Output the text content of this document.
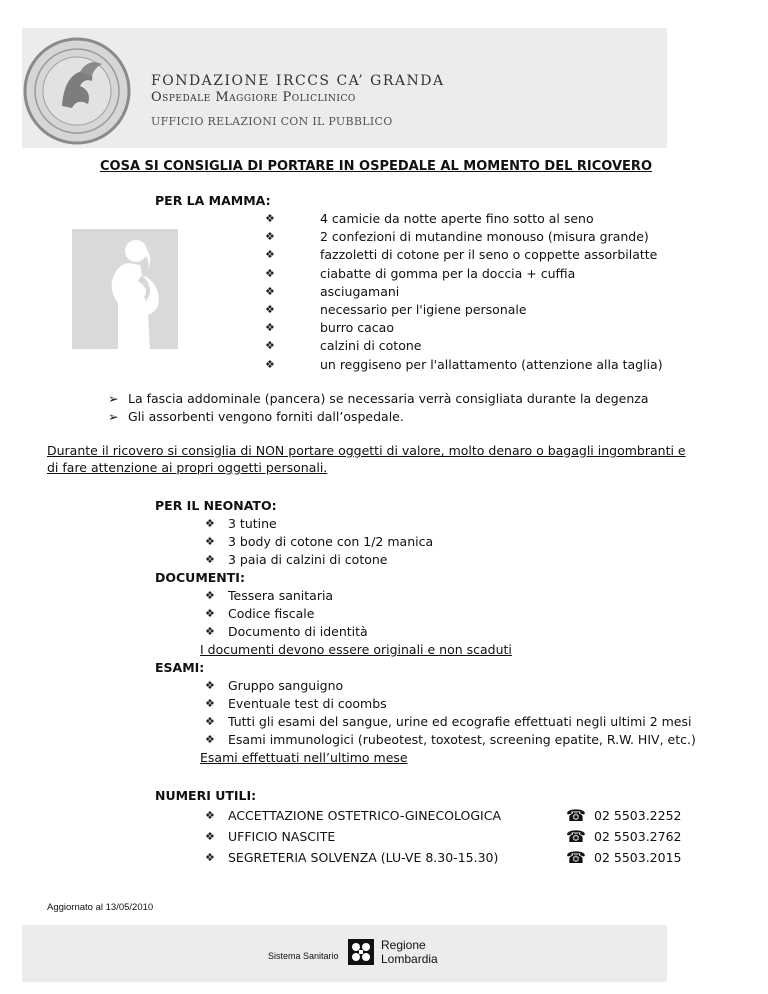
FONDAZIONE IRCCS CA’ GRANDA
Ospedale Maggiore Policlinico
UFFICIO RELAZIONI CON IL PUBBLICO
COSA SI CONSIGLIA DI PORTARE IN OSPEDALE AL MOMENTO DEL RICOVERO
PER LA MAMMA:
❖	4 camicie da notte aperte fino sotto al seno
❖	2 confezioni di mutandine monouso (misura grande)
❖	fazzoletti di cotone per il seno o coppette assorbilatte
❖	ciabatte di gomma per la doccia + cuffia
❖	asciugamani
❖	necessario per l'igiene personale
❖	burro cacao
❖	calzini di cotone
❖	un reggiseno per l'allattamento (attenzione alla taglia)
➢ La fascia addominale (pancera) se necessaria verrà consigliata durante la degenza
➢ Gli assorbenti vengono forniti dall’ospedale.
Durante il ricovero si consiglia di NON portare oggetti di valore, molto denaro o bagagli ingombranti e
di fare attenzione ai propri oggetti personali.
PER IL NEONATO:
❖ 3 tutine
❖ 3 body di cotone con 1/2 manica
❖ 3 paia di calzini di cotone
DOCUMENTI:
❖ Tessera sanitaria
❖ Codice fiscale
❖ Documento di identità
I documenti devono essere originali e non scaduti
ESAMI:
❖ Gruppo sanguigno
❖ Eventuale test di coombs
❖ Tutti gli esami del sangue, urine ed ecografie effettuati negli ultimi 2 mesi
❖ Esami immunologici (rubeotest, toxotest, screening epatite, R.W. HIV, etc.)
Esami effettuati nell’ultimo mese
NUMERI UTILI:
❖ ACCETTAZIONE OSTETRICO-GINECOLOGICA	☎ 02 5503.2252
❖ UFFICIO NASCITE	☎ 02 5503.2762
❖ SEGRETERIA SOLVENZA (LU-VE 8.30-15.30)	☎ 02 5503.2015
Aggiornato al 13/05/2010
Sistema Sanitario
Regione
Lombardia
